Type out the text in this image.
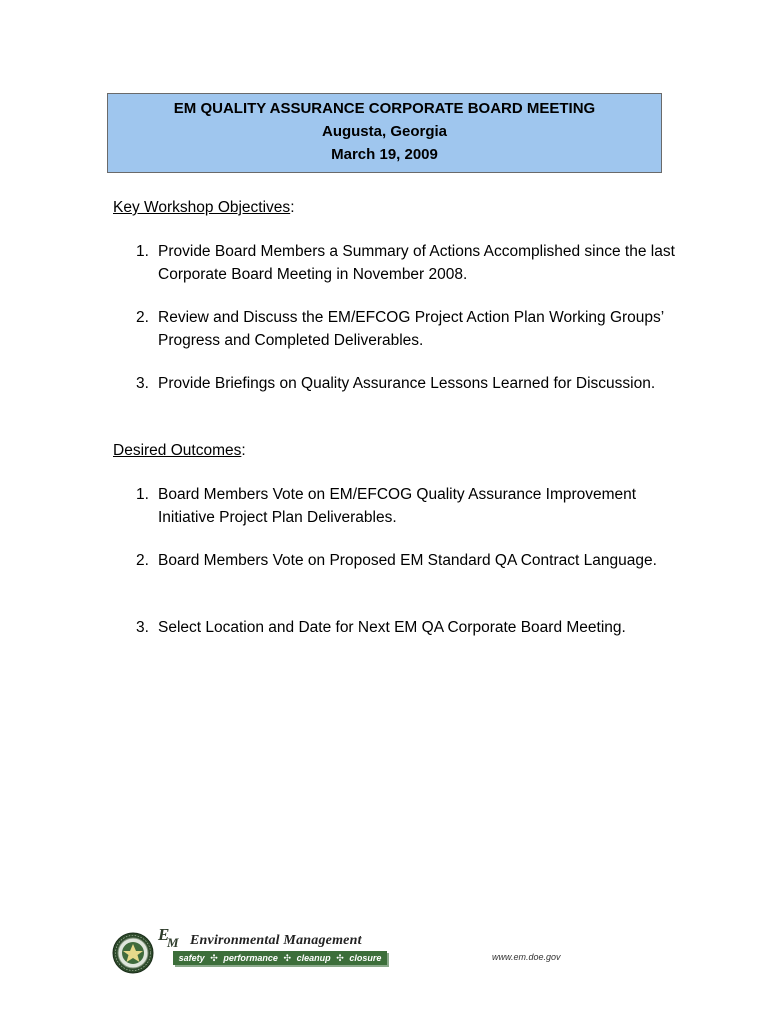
EM QUALITY ASSURANCE CORPORATE BOARD MEETING
Augusta, Georgia
March 19, 2009
Key Workshop Objectives:
1. Provide Board Members a Summary of Actions Accomplished since the last Corporate Board Meeting in November 2008.
2. Review and Discuss the EM/EFCOG Project Action Plan Working Groups’ Progress and Completed Deliverables.
3. Provide Briefings on Quality Assurance Lessons Learned for Discussion.
Desired Outcomes:
1. Board Members Vote on EM/EFCOG Quality Assurance Improvement Initiative Project Plan Deliverables.
2. Board Members Vote on Proposed EM Standard QA Contract Language.
3. Select Location and Date for Next EM QA Corporate Board Meeting.
E
M Environmental Management
safety ✣ performance ✣ cleanup ✣ closure	www.em.doe.gov
